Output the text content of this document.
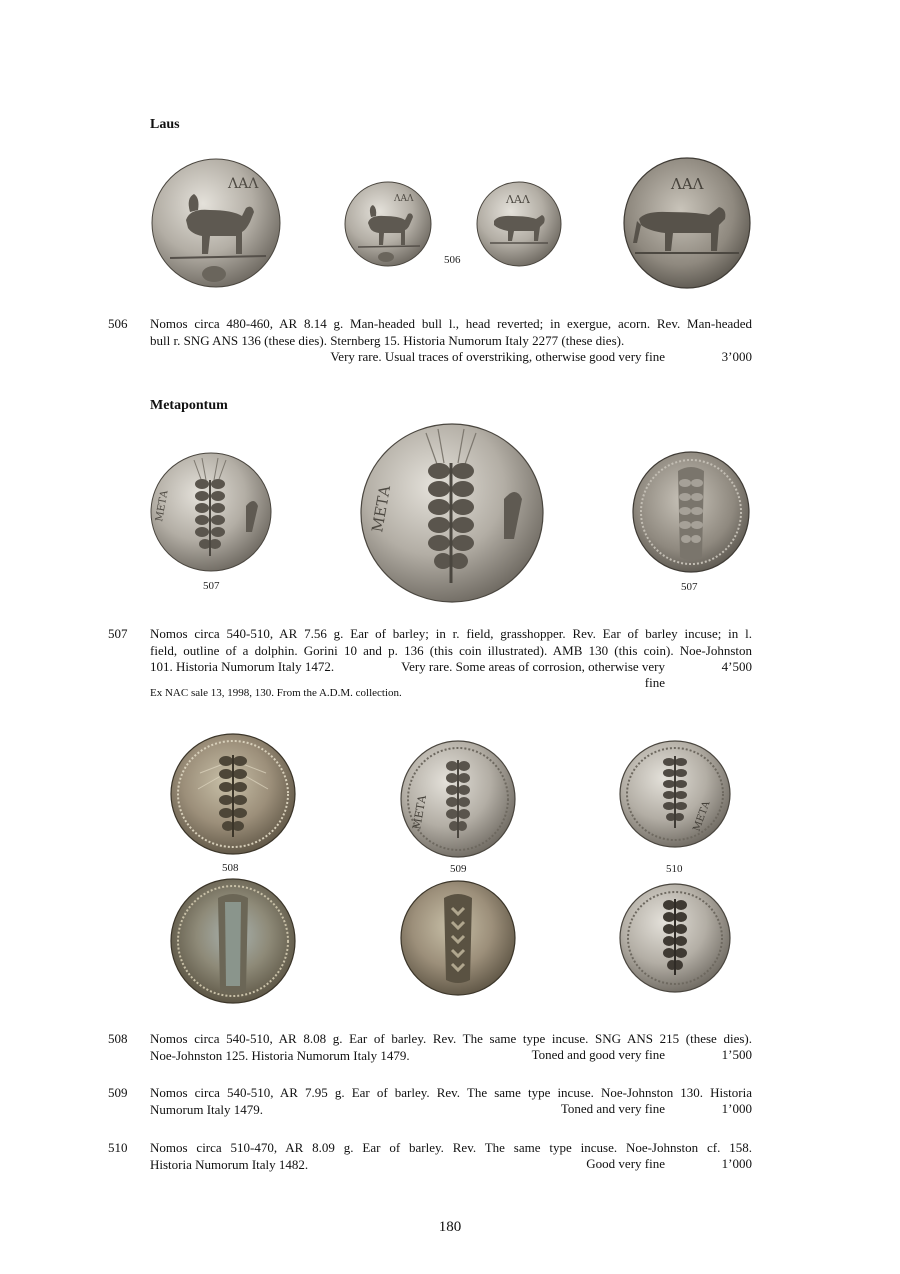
Laus
ΛΑΛ
ΛΑΛ	ΛΑΛ
ΛΑΛ
506
506 Nomos circa 480-460, AR 8.14 g. Man-headed bull l., head reverted; in exergue, acorn. Rev. Man-headed

bull r. SNG ANS 136 (these dies). Sternberg 15. Historia Numorum Italy 2277 (these dies).

Very rare. Usual traces of overstriking, otherwise good very fine	3’000
Metapontum
ΜΕΤΑ	ΜΕΤΑ
507	507
507 Nomos circa 540-510, AR 7.56 g. Ear of barley; in r. field, grasshopper. Rev. Ear of barley incuse; in l.

field, outline of a dolphin. Gorini 10 and p. 136 (this coin illustrated). AMB 130 (this coin). Noe-Johnston

101. Historia Numorum Italy 1472.	Very rare. Some areas of corrosion, otherwise very fine
4’500
Ex NAC sale 13, 1998, 130. From the A.D.M. collection.
ΜΕΤΑ	ΜΕΤΑ
508	509	510
508 Nomos circa 540-510, AR 8.08 g. Ear of barley. Rev. The same type incuse. SNG ANS 215 (these dies).

Noe-Johnston 125. Historia Numorum Italy 1479.	Toned and good very fine	1’500
509 Nomos circa 540-510, AR 7.95 g. Ear of barley. Rev. The same type incuse. Noe-Johnston 130. Historia

Numorum Italy 1479.	Toned and very fine	1’000
510 Nomos circa 510-470, AR 8.09 g. Ear of barley. Rev. The same type incuse. Noe-Johnston cf. 158.

Historia Numorum Italy 1482.	Good very fine	1’000
180
